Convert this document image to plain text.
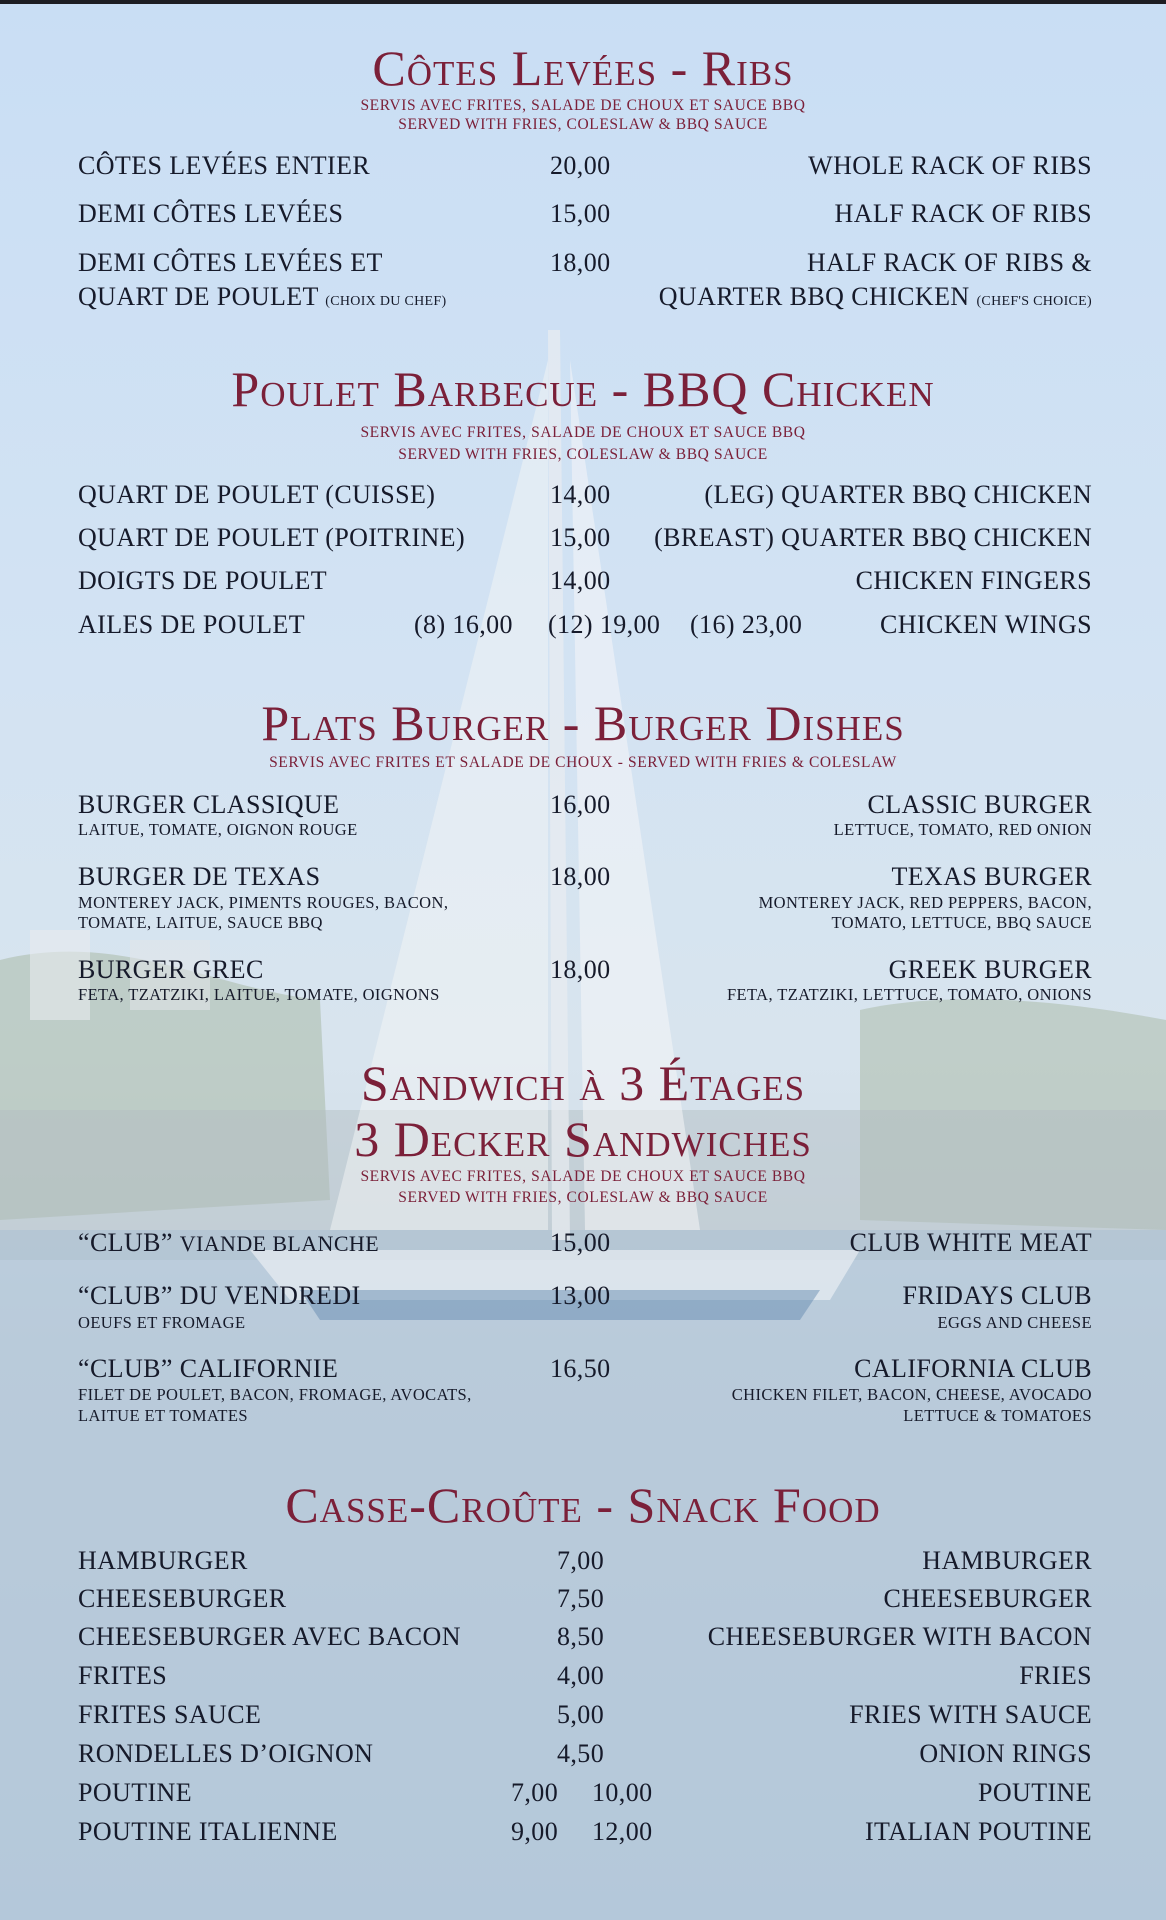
Côtes Levées - Ribs
SERVIS AVEC FRITES, SALADE DE CHOUX ET SAUCE BBQ
SERVED WITH FRIES, COLESLAW & BBQ SAUCE
CÔTES LEVÉES ENTIER	20,00	WHOLE RACK OF RIBS
DEMI CÔTES LEVÉES	15,00	HALF RACK OF RIBS
DEMI CÔTES LEVÉES ET
QUART DE POULET (CHOIX DU CHEF)
18,00	HALF RACK OF RIBS &
QUARTER BBQ CHICKEN (CHEF'S CHOICE)
Poulet Barbecue - BBQ Chicken
SERVIS AVEC FRITES, SALADE DE CHOUX ET SAUCE BBQ
SERVED WITH FRIES, COLESLAW & BBQ SAUCE
QUART DE POULET (CUISSE)	14,00	(LEG) QUARTER BBQ CHICKEN
QUART DE POULET (POITRINE)	15,00 (BREAST) QUARTER BBQ CHICKEN
DOIGTS DE POULET	14,00	CHICKEN FINGERS
AILES DE POULET	(8) 16,00 (12) 19,00 (16) 23,00	CHICKEN WINGS
Plats Burger - Burger Dishes
SERVIS AVEC FRITES ET SALADE DE CHOUX - SERVED WITH FRIES & COLESLAW
BURGER CLASSIQUE
LAITUE, TOMATE, OIGNON ROUGE
16,00	CLASSIC BURGER
LETTUCE, TOMATO, RED ONION
BURGER DE TEXAS
MONTEREY JACK, PIMENTS ROUGES, BACON,
TOMATE, LAITUE, SAUCE BBQ
18,00	TEXAS BURGER
MONTEREY JACK, RED PEPPERS, BACON,
TOMATO, LETTUCE, BBQ SAUCE
BURGER GREC
FETA, TZATZIKI, LAITUE, TOMATE, OIGNONS
18,00	GREEK BURGER
FETA, TZATZIKI, LETTUCE, TOMATO, ONIONS
Sandwich à 3 Étages
3 Decker Sandwiches
SERVIS AVEC FRITES, SALADE DE CHOUX ET SAUCE BBQ
SERVED WITH FRIES, COLESLAW & BBQ SAUCE
“CLUB” VIANDE BLANCHE	15,00	CLUB WHITE MEAT
“CLUB” DU VENDREDI
OEUFS ET FROMAGE
13,00	FRIDAYS CLUB
EGGS AND CHEESE
“CLUB” CALIFORNIE
FILET DE POULET, BACON, FROMAGE, AVOCATS,
LAITUE ET TOMATES
16,50	CALIFORNIA CLUB
CHICKEN FILET, BACON, CHEESE, AVOCADO
LETTUCE & TOMATOES
Casse-Croûte - Snack Food
HAMBURGER	7,00	HAMBURGER
CHEESEBURGER	7,50	CHEESEBURGER
CHEESEBURGER AVEC BACON	8,50	CHEESEBURGER WITH BACON
FRITES	4,00	FRIES
FRITES SAUCE	5,00	FRIES WITH SAUCE
RONDELLES D’OIGNON	4,50	ONION RINGS
POUTINE	7,00 10,00	POUTINE
POUTINE ITALIENNE	9,00 12,00	ITALIAN POUTINE
